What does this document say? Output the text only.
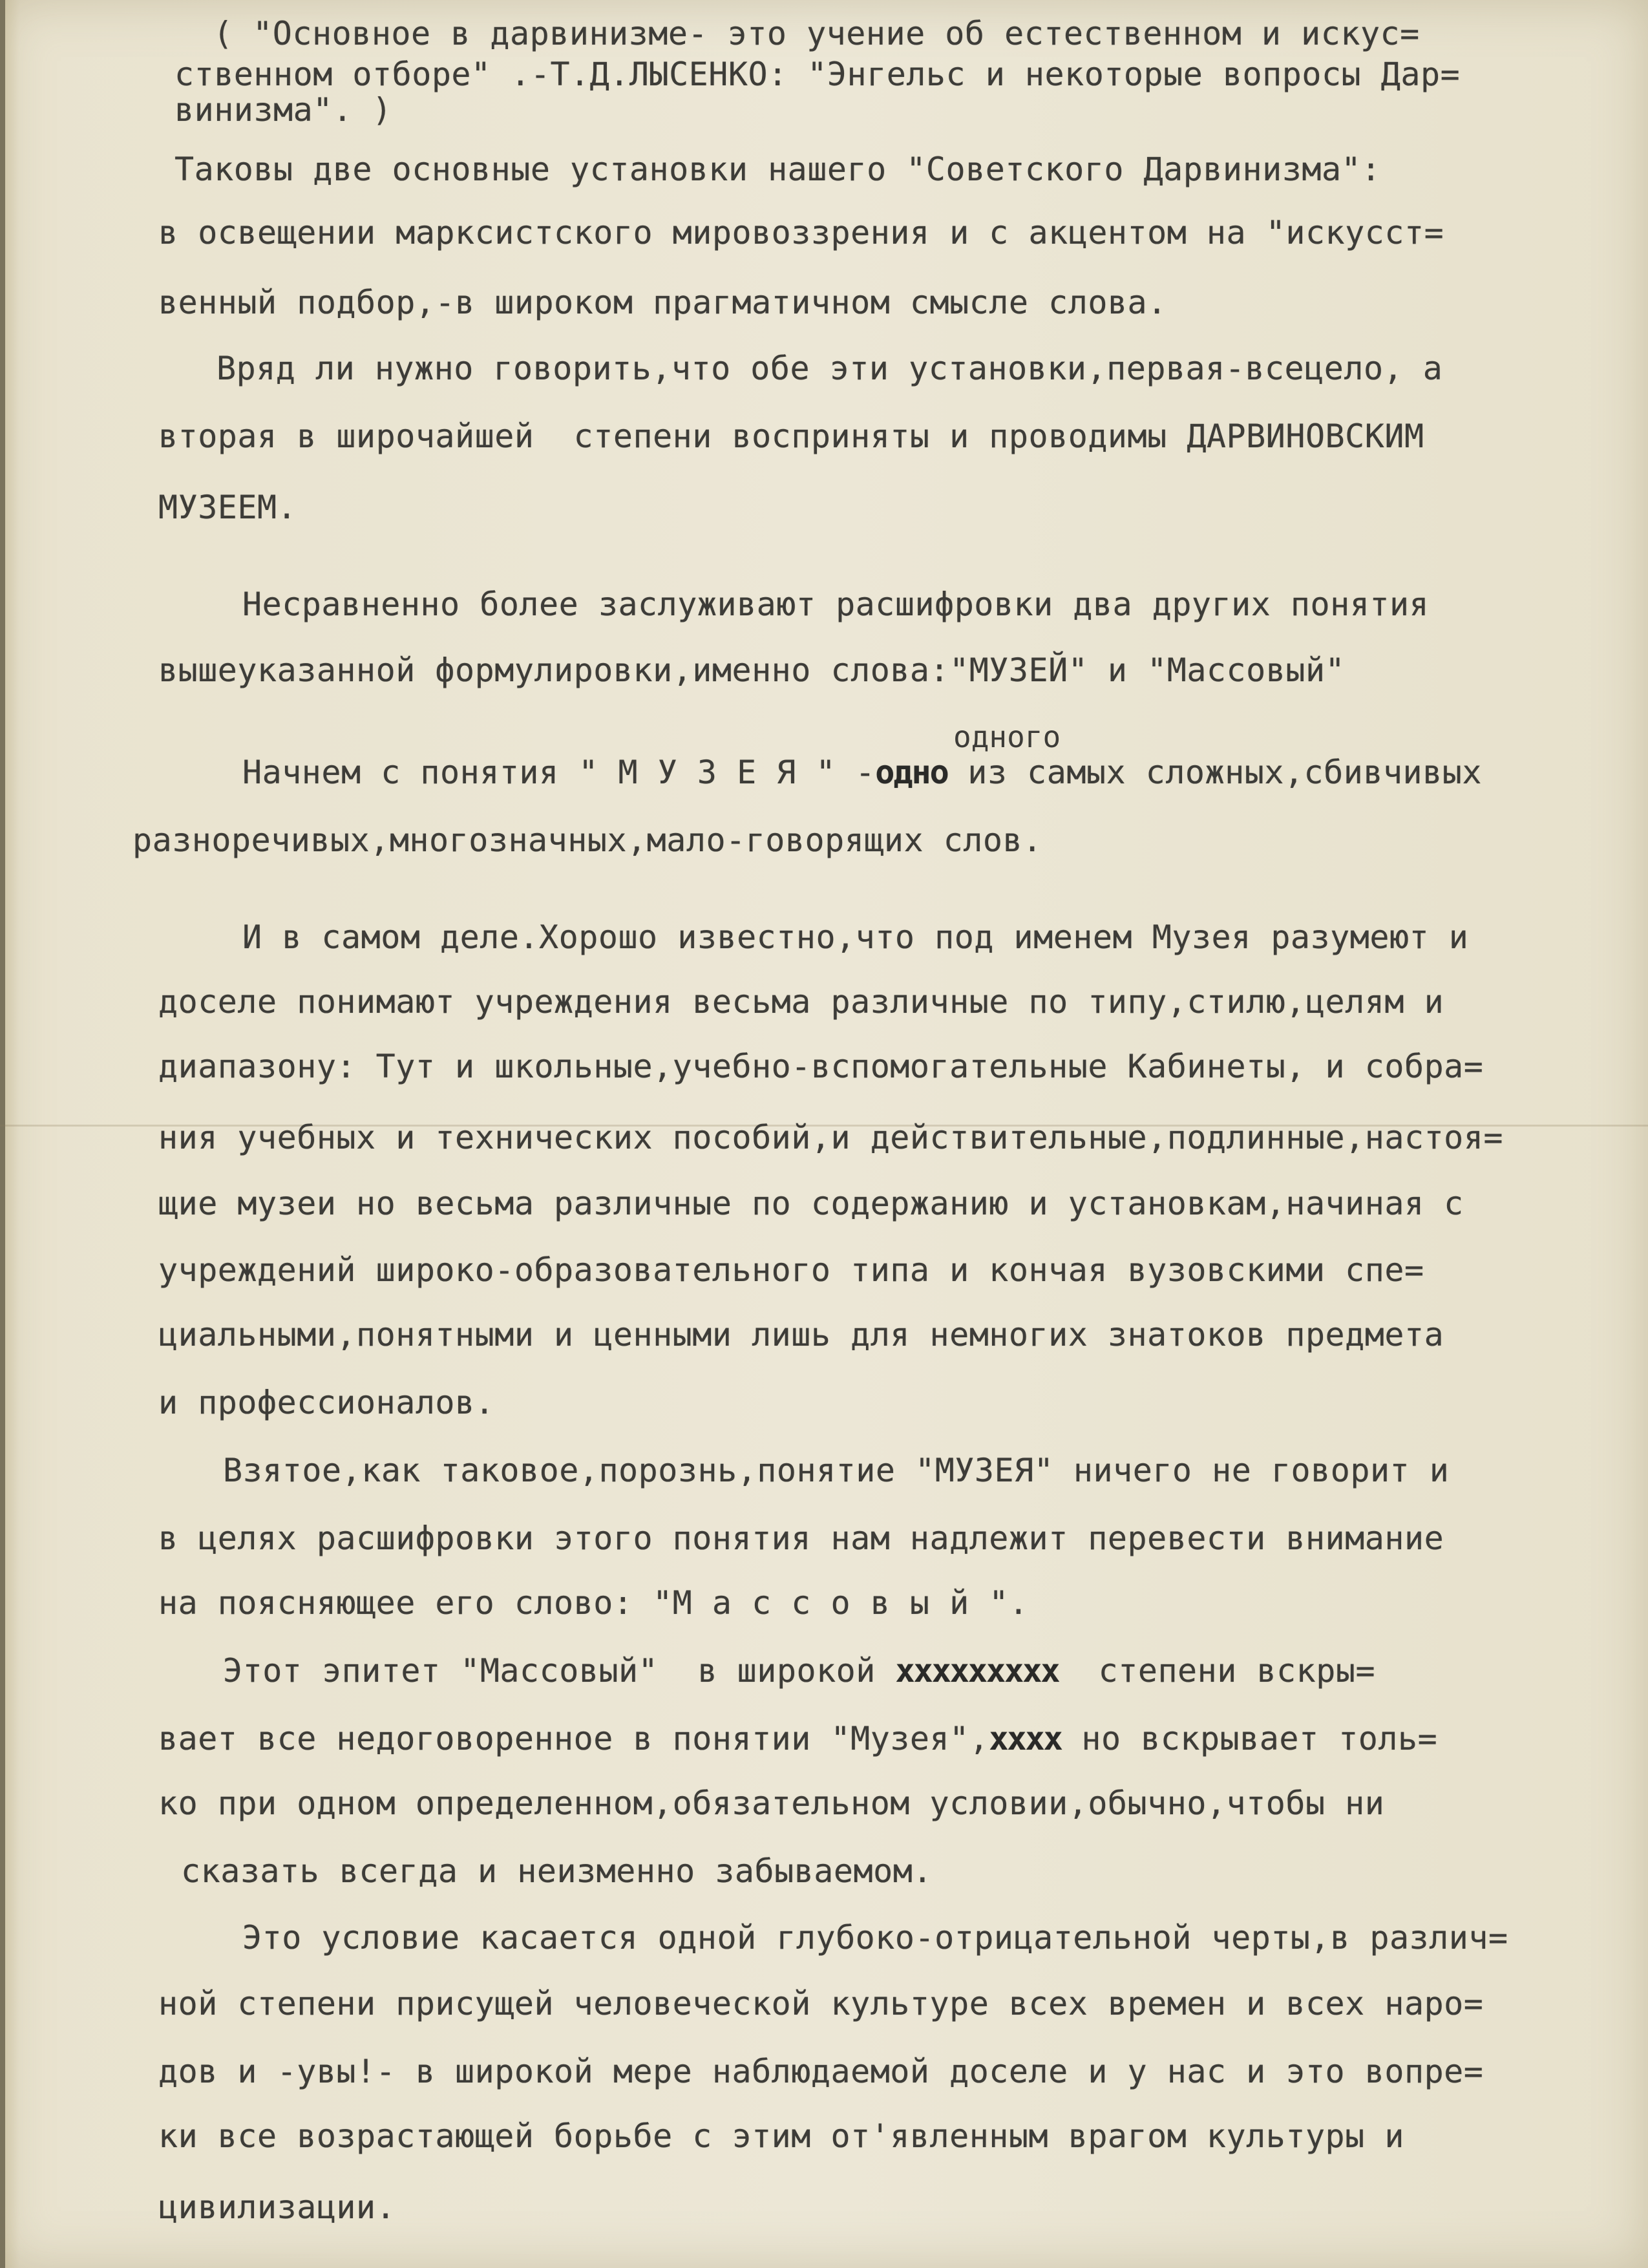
( "Основное в дарвинизме- это учение об естественном и искус=
ственном отборе" .-Т.Д.ЛЫСЕНКО: "Энгельс и некоторые вопросы Дар=
винизма". )
Таковы две основные установки нашего "Советского Дарвинизма":
в освещении марксистского мировоззрения и с акцентом на "искусст=
венный подбор,-в широком прагматичном смысле слова.
Вряд ли нужно говорить,что обе эти установки,первая-всецело, а
вторая в широчайшей  степени восприняты и проводимы ДАРВИНОВСКИМ
МУЗЕЕМ.
Несравненно более заслуживают расшифровки два других понятия
вышеуказанной формулировки,именно слова:"МУЗЕЙ" и "Массовый"
одного
Начнем с понятия " М У З Е Я " -одно из самых сложных,сбивчивых
разноречивых,многозначных,мало-говорящих слов.
И в самом деле.Хорошо известно,что под именем Музея разумеют и
доселе понимают учреждения весьма различные по типу,стилю,целям и
диапазону: Тут и школьные,учебно-вспомогательные Кабинеты, и собра=
ния учебных и технических пособий,и действительные,подлинные,настоя=
щие музеи но весьма различные по содержанию и установкам,начиная с
учреждений широко-образовательного типа и кончая вузовскими спе=
циальными,понятными и ценными лишь для немногих знатоков предмета
и профессионалов.
Взятое,как таковое,порознь,понятие "МУЗЕЯ" ничего не говорит и
в целях расшифровки этого понятия нам надлежит перевести внимание
на поясняющее его слово: "М а с с о в ы й ".
Этот эпитет "Массовый"  в широкой ххххххххх  степени вскры=
вает все недоговоренное в понятии "Музея",хххх но вскрывает толь=
ко при одном определенном,обязательном условии,обычно,чтобы ни
сказать всегда и неизменно забываемом.
Это условие касается одной глубоко-отрицательной черты,в различ=
ной степени присущей человеческой культуре всех времен и всех наро=
дов и -увы!- в широкой мере наблюдаемой доселе и у нас и это вопре=
ки все возрастающей борьбе с этим от'явленным врагом культуры и
цивилизации.
